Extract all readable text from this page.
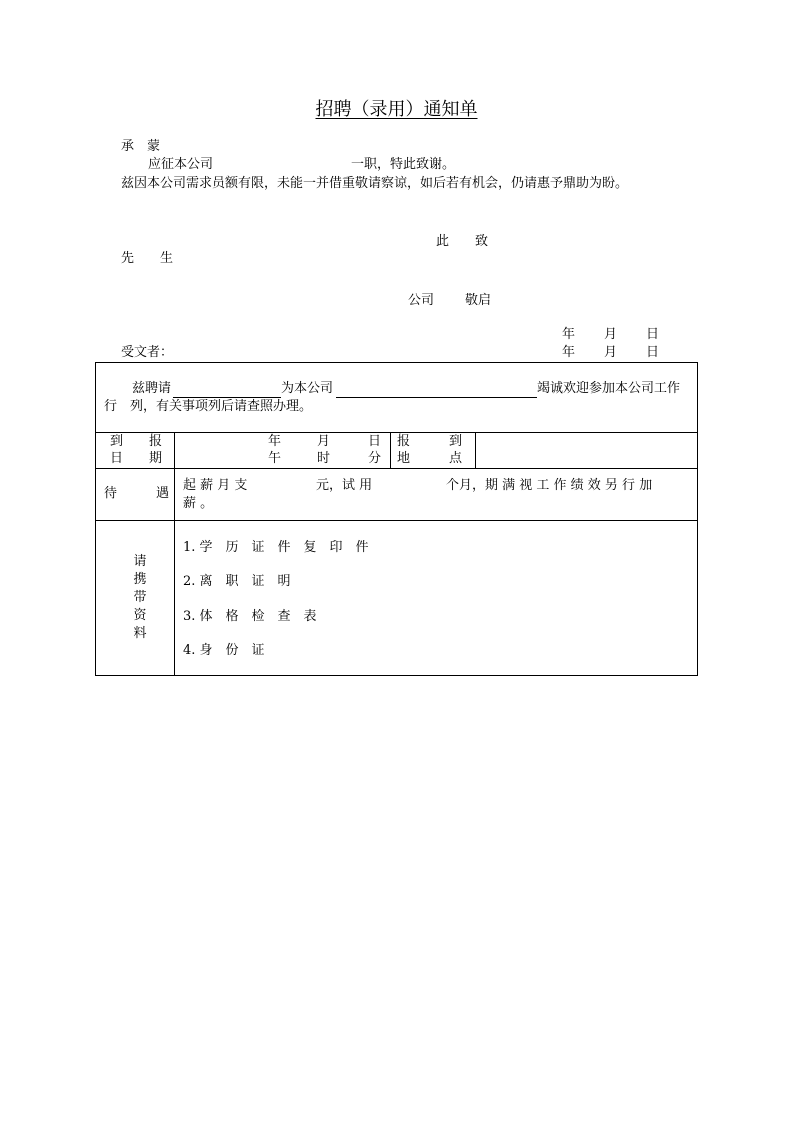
招聘（录用）通知单
承　蒙
应征本公司	一职，特此致谢。
兹因本公司需求员额有限，未能一并借重敬请察谅，如后若有机会，仍请惠予鼎助为盼。
此　　致
先　　生
公司 敬启
年 月 日
受文者：	年 月 日
兹聘请	为本公司	竭诚欢迎参加本公司工作
行　列，有关事项列后请查照办理。
到　　报
日　　期
年	月	日
午	时	分
报　　　到
地　　　点
待　　　遇
起 薪 月 支	元，试 用	个月，期 满 视 工 作 绩 效 另 行 加
薪 。
请
携
带
资
料
1. 学　历　证　件　复　印　件
2. 离　职　证　明
3. 体　格　检　查　表
4. 身　份　证
